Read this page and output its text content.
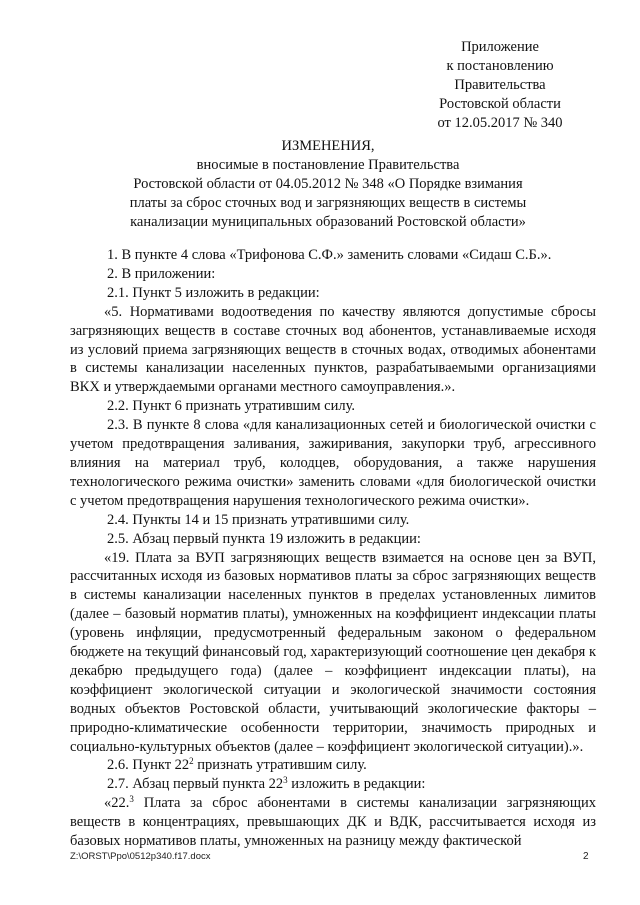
Приложение
к постановлению
Правительства
Ростовской области
от 12.05.2017 № 340
ИЗМЕНЕНИЯ,
вносимые в постановление Правительства
Ростовской области от 04.05.2012 № 348 «О Порядке взимания
платы за сброс сточных вод и загрязняющих веществ в системы
канализации муниципальных образований Ростовской области»

1. В пункте 4 слова «Трифонова С.Ф.» заменить словами «Сидаш С.Б.».

2. В приложении:

2.1. Пункт 5 изложить в редакции:

«5. Нормативами водоотведения по качеству являются допустимые сбросы загрязняющих веществ в составе сточных вод абонентов, устанавливаемые исходя из условий приема загрязняющих веществ в сточных водах, отводимых абонентами в системы канализации населенных пунктов, разрабатываемыми организациями ВКХ и утверждаемыми органами местного самоуправления.».

2.2. Пункт 6 признать утратившим силу.

2.3. В пункте 8 слова «для канализационных сетей и биологической очистки с учетом предотвращения заливания, зажиривания, закупорки труб, агрессивного влияния на материал труб, колодцев, оборудования, а также нарушения технологического режима очистки» заменить словами «для биологической очистки с учетом предотвращения нарушения технологического режима очистки».

2.4. Пункты 14 и 15 признать утратившими силу.

2.5. Абзац первый пункта 19 изложить в редакции:

«19. Плата за ВУП загрязняющих веществ взимается на основе цен за ВУП, рассчитанных исходя из базовых нормативов платы за сброс загрязняющих веществ в системы канализации населенных пунктов в пределах установленных лимитов (далее – базовый норматив платы), умноженных на коэффициент индексации платы (уровень инфляции, предусмотренный федеральным законом о федеральном бюджете на текущий финансовый год, характеризующий соотношение цен декабря к декабрю предыдущего года) (далее – коэффициент индексации платы), на коэффициент экологической ситуации и экологической значимости состояния водных объектов Ростовской области, учитывающий экологические факторы – природно-климатические особенности территории, значимость природных и социально-культурных объектов (далее – коэффициент экологической ситуации).».

2.6. Пункт $22^2$ признать утратившим силу.

2.7. Абзац первый пункта $22^3$ изложить в редакции:

«22.$^3$ Плата за сброс абонентами в системы канализации загрязняющих веществ в концентрациях, превышающих ДК и ВДК, рассчитывается исходя из базовых нормативов платы, умноженных на разницу между фактической

Z:\ORST\Ppo\0512p340.f17.docx	2
